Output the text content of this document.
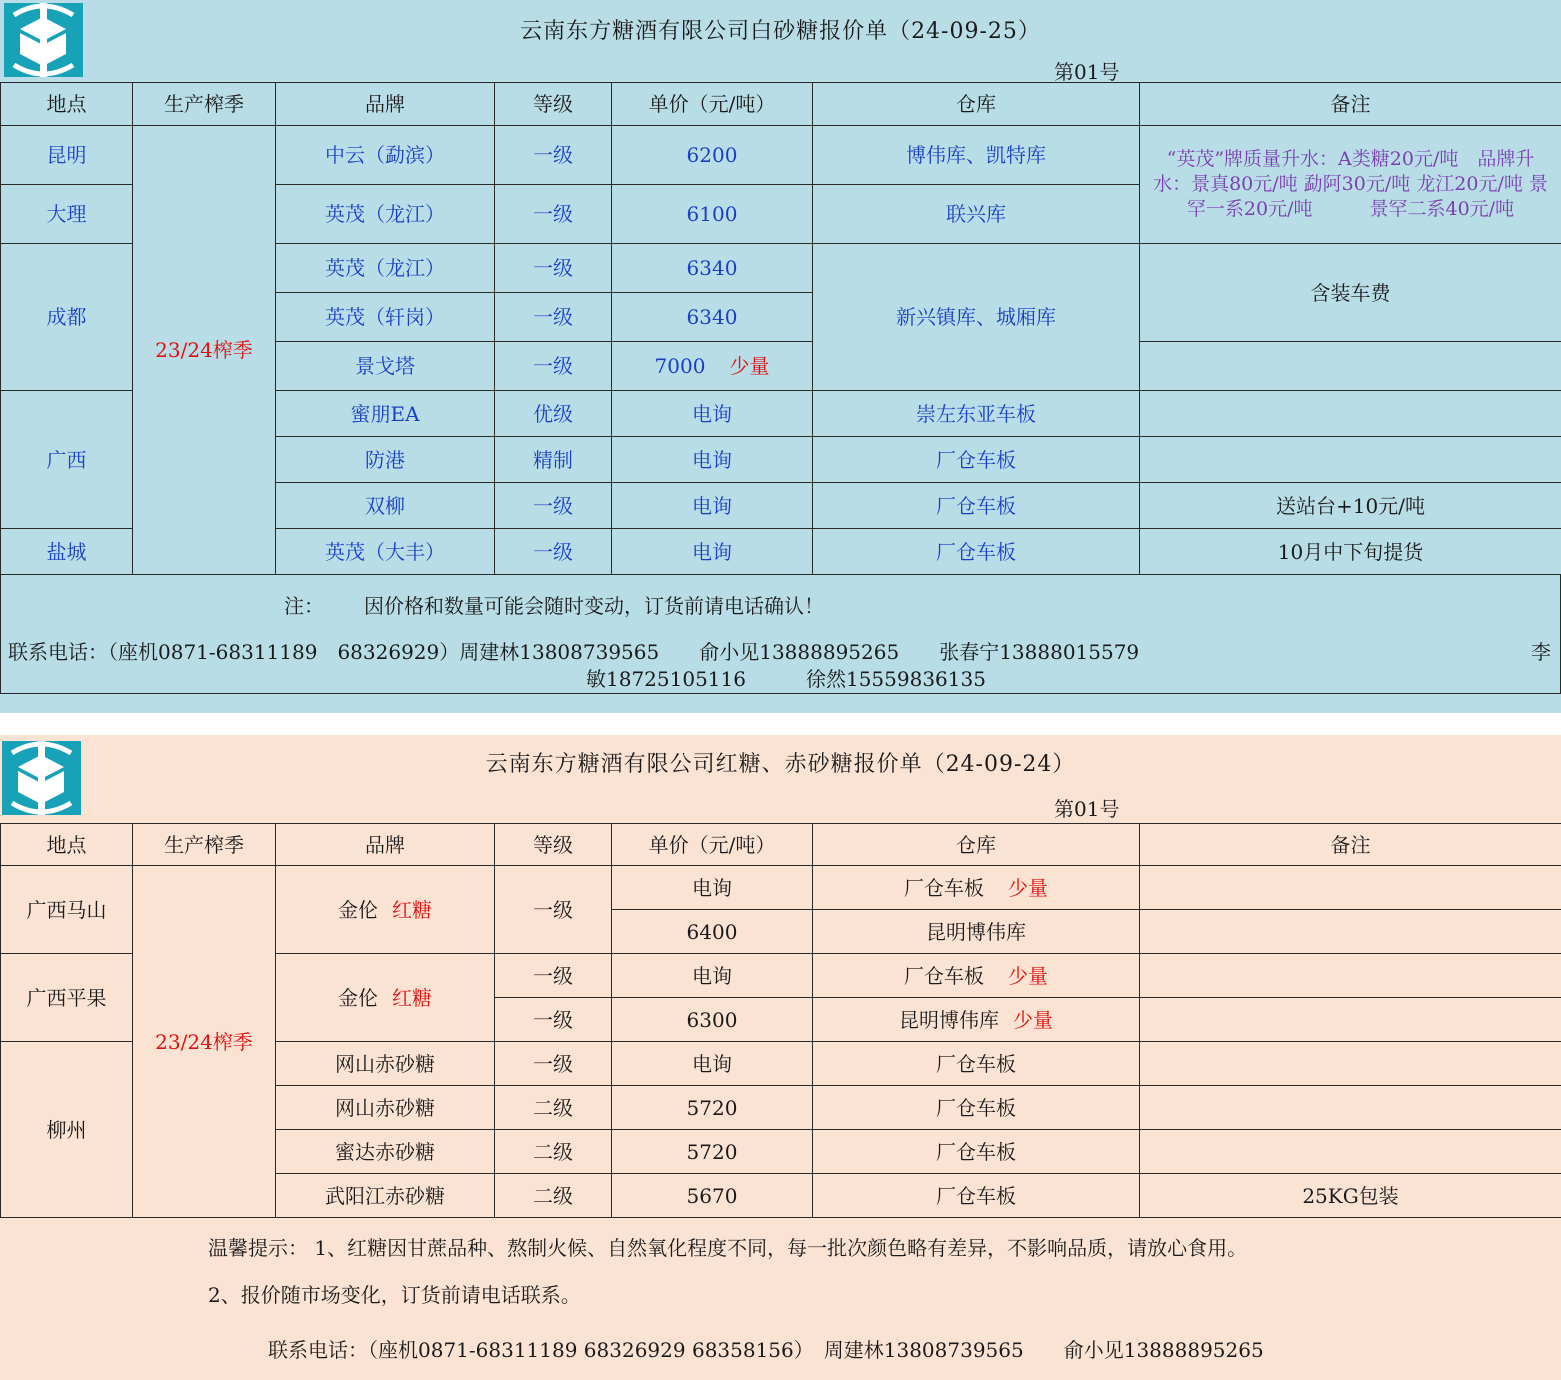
云南东方糖酒有限公司白砂糖报价单（24-09-25）
第01号
地点	生产榨季	品牌	等级	单价（元/吨）	仓库	备注
昆明	23/24榨季	中云（勐滨）	一级	6200	博伟库、凯特库	“英茂”牌质量升水：A类糖20元/吨　品牌升水：景真80元/吨 勐阿30元/吨 龙江20元/吨 景罕一系20元/吨　　　景罕二系40元/吨
大理		英茂（龙江）	一级	6100	联兴库	
成都		英茂（龙江）	一级	6340	新兴镇库、城厢库	含装车费
		英茂（轩岗）	一级	6340		
		景戈塔	一级	7000 少量		
广西		蜜朋EA	优级	电询	崇左东亚车板	
		防港	精制	电询	厂仓车板	
		双柳	一级	电询	厂仓车板	送站台+10元/吨
盐城		英茂（大丰）	一级	电询	厂仓车板	10月中下旬提货
注： 因价格和数量可能会随时变动，订货前请电话确认！
联系电话：（座机0871-68311189　68326929）周建林13808739565　　俞小见13888895265　　张春宁13888015579	李
敏18725105116　　　徐然15559836135
云南东方糖酒有限公司红糖、赤砂糖报价单（24-09-24）
第01号
地点	生产榨季	品牌	等级	单价（元/吨）	仓库	备注
广西马山	23/24榨季	金伦 红糖	一级	电询	厂仓车板 少量	
				6400	昆明博伟库	
广西平果		金伦 红糖	一级	电询	厂仓车板 少量	
			一级	6300	昆明博伟库 少量	
柳州		网山赤砂糖	一级	电询	厂仓车板	
		网山赤砂糖	二级	5720	厂仓车板	
		蜜达赤砂糖	二级	5720	厂仓车板	
		武阳江赤砂糖	二级	5670	厂仓车板	25KG包装
温馨提示： 1、红糖因甘蔗品种、熬制火候、自然氧化程度不同，每一批次颜色略有差异，不影响品质，请放心食用。
2、报价随市场变化，订货前请电话联系。
联系电话：（座机0871-68311189 68326929 68358156）　周建林13808739565　　俞小见13888895265
